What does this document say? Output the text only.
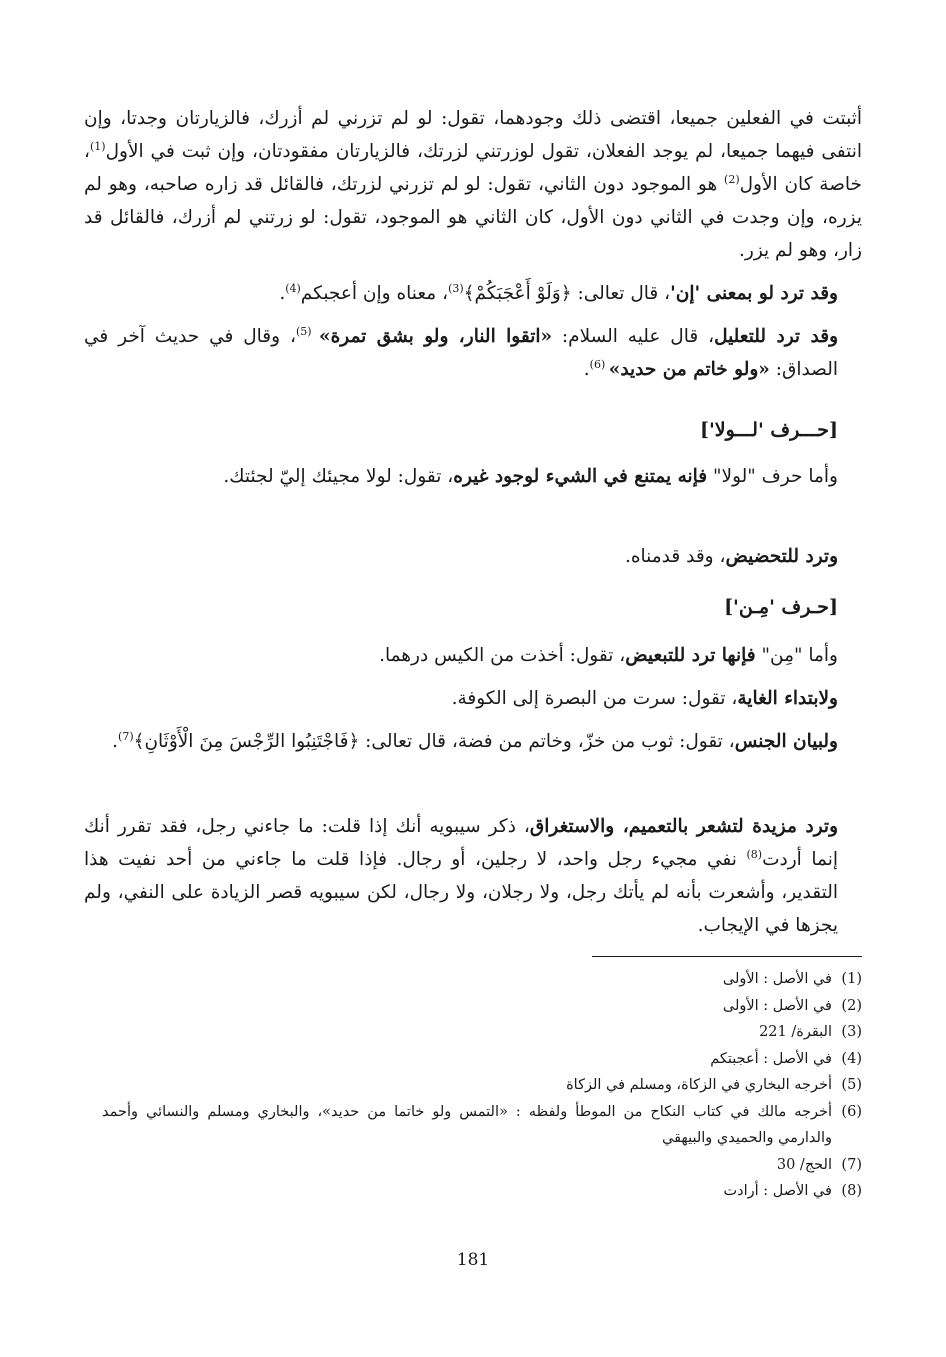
أثبتت في الفعلين جميعا، اقتضى ذلك وجودهما، تقول: لو لم تزرني لم أزرك، فالزيارتان وجدتا، وإن انتفى فيهما جميعا، لم يوجد الفعلان، تقول لوزرتني لزرتك، فالزيارتان مفقودتان، وإن ثبت في الأول$^{(1)}$، خاصة كان الأول$^{(2)}$ هو الموجود دون الثاني، تقول: لو لم تزرني لزرتك، فالقائل قد زاره صاحبه، وهو لم يزره، وإن وجدت في الثاني دون الأول، كان الثاني هو الموجود، تقول: لو زرتني لم أزرك، فالقائل قد زار، وهو لم يزر.

وقد ترد لو بمعنى 'إن'، قال تعالى: ﴿وَلَوْ أَعْجَبَكُمْ﴾$^{(3)}$، معناه وإن أعجبكم$^{(4)}$.

وقد ترد للتعليل، قال عليه السلام: «اتقوا النار، ولو بشق تمرة» $^{(5)}$، وقال في حديث آخر في الصداق: «ولو خاتم من حديد» $^{(6)}$.

[حـــرف 'لـــولا']

وأما حرف "لولا" فإنه يمتنع في الشيء لوجود غيره، تقول: لولا مجيئك إليّ لجئتك.

وترد للتحضيض، وقد قدمناه.

[حـرف 'مِـن']

وأما "مِن" فإنها ترد للتبعيض، تقول: أخذت من الكيس درهما.

ولابتداء الغاية، تقول: سرت من البصرة إلى الكوفة.

ولبيان الجنس، تقول: ثوب من خزّ، وخاتم من فضة، قال تعالى: ﴿فَاجْتَنِبُوا الرِّجْسَ مِنَ الْأَوْثَانِ﴾$^{(7)}$.

وترد مزيدة لتشعر بالتعميم، والاستغراق، ذكر سيبويه أنك إذا قلت: ما جاءني رجل، فقد تقرر أنك إنما أردت$^{(8)}$ نفي مجيء رجل واحد، لا رجلين، أو رجال. فإذا قلت ما جاءني من أحد نفيت هذا التقدير، وأشعرت بأنه لم يأتك رجل، ولا رجلان، ولا رجال، لكن سيبويه قصر الزيادة على النفي، ولم يجزها في الإيجاب.

(1)في الأصل : الأولى

(2)في الأصل : الأولى

(3)البقرة/ 221

(4)في الأصل : أعجبتكم

(5)أخرجه البخاري في الزكاة، ومسلم في الزكاة

(6)أخرجه مالك في كتاب النكاح من الموطأ ولفظه : «التمس ولو خاتما من حديد»، والبخاري ومسلم والنسائي وأحمد والدارمي والحميدي والبيهقي

(7)الحج/ 30

(8)في الأصل : أرادت

181
